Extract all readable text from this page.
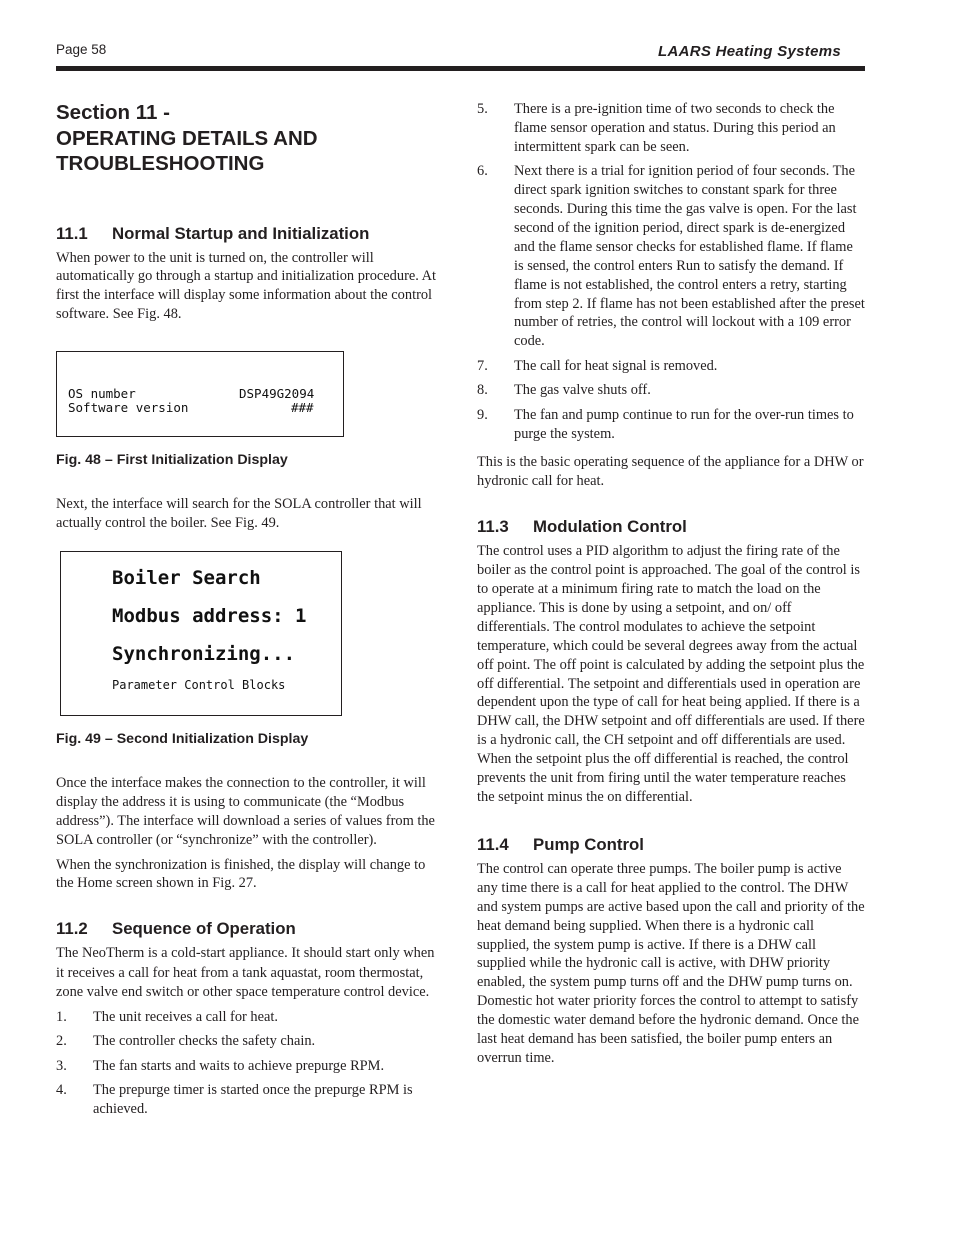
Page 58	LAARS Heating Systems
Section 11 -
OPERATING DETAILS AND
TROUBLESHOOTING
11.1	Normal Startup and Initialization

When power to the unit is turned on, the controller will automatically go through a startup and initialization procedure. At first the interface will display some information about the control software. See Fig. 48.

OS number	DSP49G2094
Software version	###

Fig. 48 – First Initialization Display

Next, the interface will search for the SOLA controller that will actually control the boiler. See Fig. 49.

Boiler Search
Modbus address: 1
Synchronizing...
Parameter Control Blocks

Fig. 49 – Second Initialization Display

Once the interface makes the connection to the controller, it will display the address it is using to communicate (the “Modbus address”). The interface will download a series of values from the SOLA controller (or “synchronize” with the controller).

When the synchronization is finished, the display will change to the Home screen shown in Fig. 27.

11.2	Sequence of Operation

The NeoTherm is a cold-start appliance. It should start only when it receives a call for heat from a tank aquastat, room thermostat, zone valve end switch or other space temperature control device.

1.	The unit receives a call for heat.
2.	The controller checks the safety chain.
3.	The fan starts and waits to achieve prepurge RPM.
4.	The prepurge timer is started once the prepurge RPM is achieved.
5.	There is a pre-ignition time of two seconds to check the flame sensor operation and status. During this period an intermittent spark can be seen.
6.	Next there is a trial for ignition period of four seconds. The direct spark ignition switches to constant spark for three seconds. During this time the gas valve is open. For the last second of the ignition period, direct spark is de-energized and the flame sensor checks for established flame. If flame is sensed, the control enters Run to satisfy the demand. If flame is not established, the control enters a retry, starting from step 2. If flame has not been established after the preset number of retries, the control will lockout with a 109 error code.
7.	The call for heat signal is removed.
8.	The gas valve shuts off.
9.	The fan and pump continue to run for the over-run times to purge the system.

This is the basic operating sequence of the appliance for a DHW or hydronic call for heat.

11.3	Modulation Control

The control uses a PID algorithm to adjust the firing rate of the boiler as the control point is approached. The goal of the control is to operate at a minimum firing rate to match the load on the appliance. This is done by using a setpoint, and on/ off differentials. The control modulates to achieve the setpoint temperature, which could be several degrees away from the actual off point. The off point is calculated by adding the setpoint plus the off differential. The setpoint and differentials used in operation are dependent upon the type of call for heat being applied. If there is a DHW call, the DHW setpoint and off differentials are used. If there is a hydronic call, the CH setpoint and off differentials are used. When the setpoint plus the off differential is reached, the control prevents the unit from firing until the water temperature reaches the setpoint minus the on differential.

11.4	Pump Control

The control can operate three pumps. The boiler pump is active any time there is a call for heat applied to the control. The DHW and system pumps are active based upon the call and priority of the heat demand being supplied. When there is a hydronic call supplied, the system pump is active. If there is a DHW call supplied while the hydronic call is active, with DHW priority enabled, the system pump turns off and the DHW pump turns on. Domestic hot water priority forces the control to attempt to satisfy the domestic water demand before the hydronic demand. Once the last heat demand has been satisfied, the boiler pump enters an overrun time.
